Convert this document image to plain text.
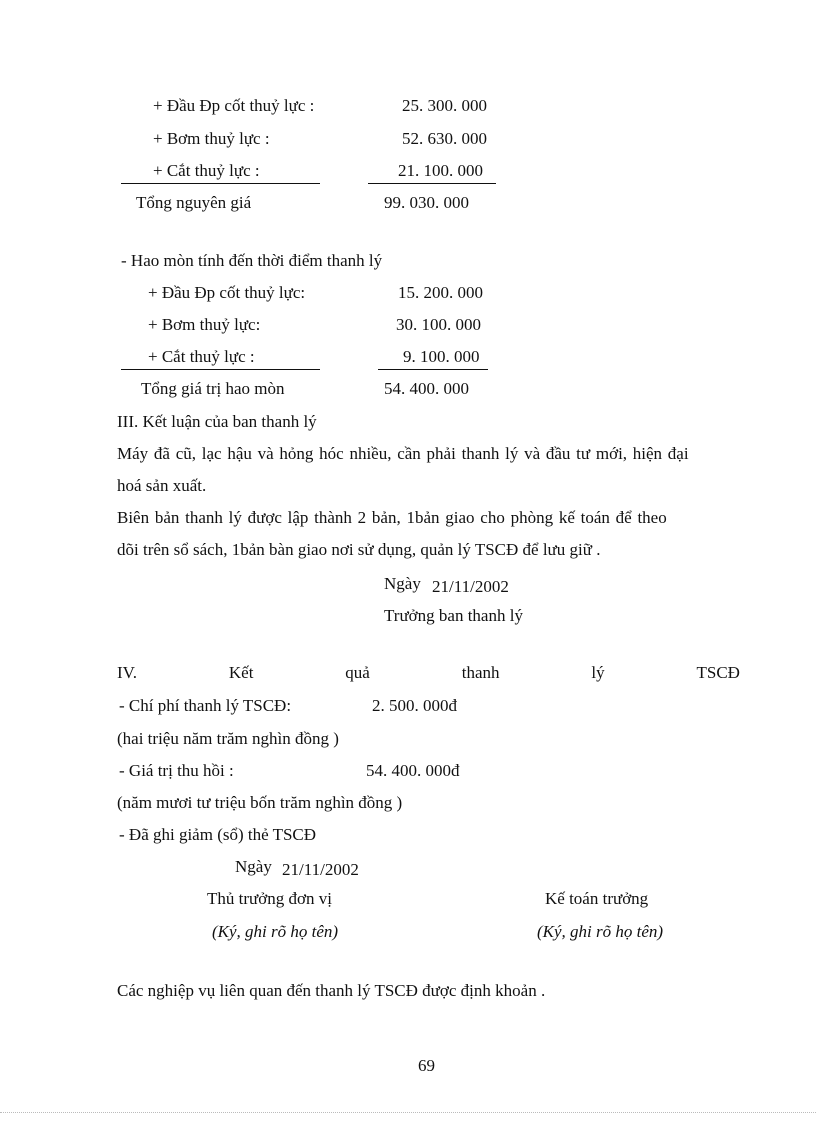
+ Đầu Đp cốt thuỷ lực :	25. 300. 000
+ Bơm thuỷ lực :	52. 630. 000
+ Cắt thuỷ lực :	21. 100. 000
Tổng nguyên giá	99. 030. 000
- Hao mòn tính đến thời điểm thanh lý
+ Đầu Đp cốt thuỷ lực:	15. 200. 000
+ Bơm thuỷ lực:	30. 100. 000
+ Cắt thuỷ lực :	9. 100. 000
Tổng giá trị hao mòn	54. 400. 000
III. Kết luận của ban thanh lý
Máy đã cũ, lạc hậu và hỏng hóc nhiều, cần phải thanh lý và đầu tư mới, hiện đại
hoá sản xuất.
Biên bản thanh lý được lập thành 2 bản, 1bản giao cho phòng kế toán để theo
dõi trên sổ sách, 1bản bàn giao nơi sử dụng, quản lý TSCĐ để lưu giữ .
Ngày 21/11/2002
Trưởng ban thanh lý
IV.	Kết	quả	thanh	lý	TSCĐ
- Chí phí thanh lý TSCĐ:	2. 500. 000đ
(hai triệu năm trăm nghìn đồng )
- Giá trị thu hồi :	54. 400. 000đ
(năm mươi tư triệu bốn trăm nghìn đồng )
- Đã ghi giảm (sổ) thẻ TSCĐ
Ngày 21/11/2002
Thủ trưởng đơn vị
(Ký, ghi rõ họ tên)
Kế toán trưởng
(Ký, ghi rõ họ tên)
Các nghiệp vụ liên quan đến thanh lý TSCĐ được định khoản .
69
